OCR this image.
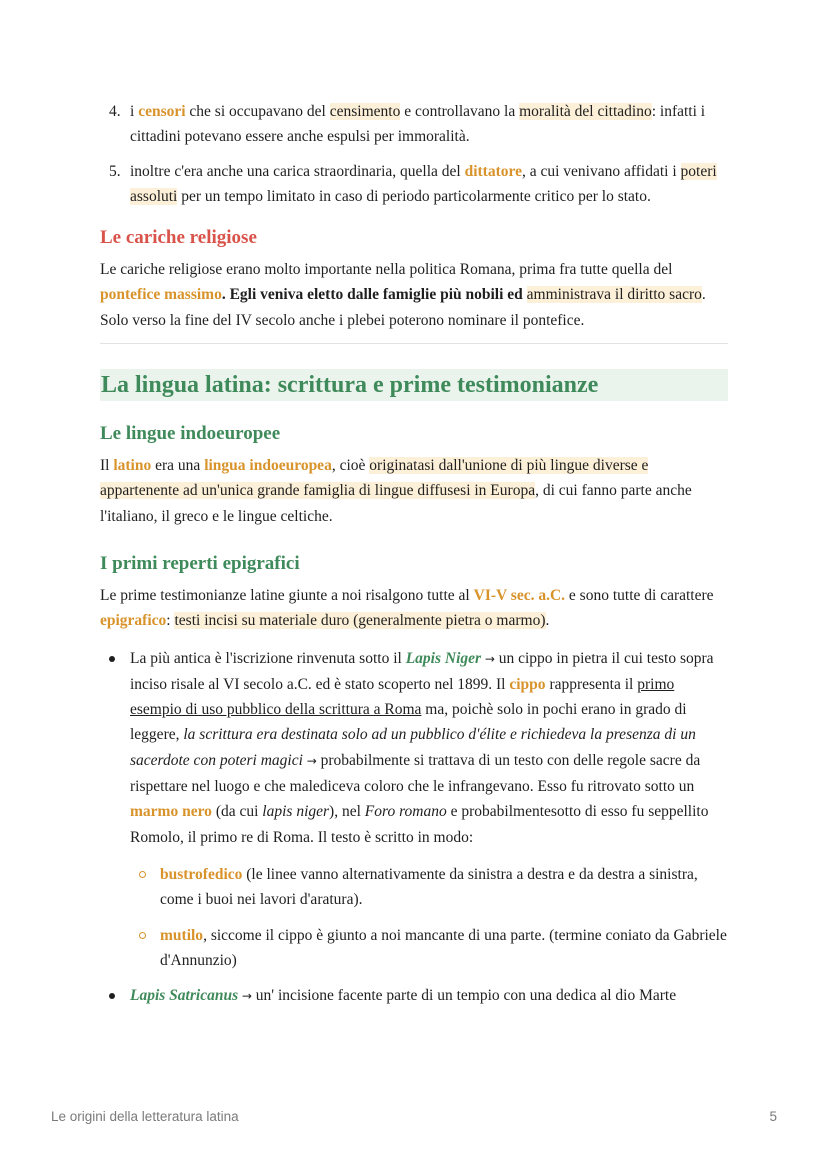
4. i censori che si occupavano del censimento e controllavano la moralità del cittadino: infatti i cittadini potevano essere anche espulsi per immoralità.
5. inoltre c'era anche una carica straordinaria, quella del dittatore, a cui venivano affidati i poteri assoluti per un tempo limitato in caso di periodo particolarmente critico per lo stato.
Le cariche religiose

Le cariche religiose erano molto importante nella politica Romana, prima fra tutte quella del pontefice massimo. Egli veniva eletto dalle famiglie più nobili ed amministrava il diritto sacro. Solo verso la fine del IV secolo anche i plebei poterono nominare il pontefice.

La lingua latina: scrittura e prime testimonianze
Le lingue indoeuropee

Il latino era una lingua indoeuropea, cioè originatasi dall'unione di più lingue diverse e appartenente ad un'unica grande famiglia di lingue diffusesi in Europa, di cui fanno parte anche l'italiano, il greco e le lingue celtiche.

I primi reperti epigrafici

Le prime testimonianze latine giunte a noi risalgono tutte al VI-V sec. a.C. e sono tutte di carattere epigrafico: testi incisi su materiale duro (generalmente pietra o marmo).

La più antica è l'iscrizione rinvenuta sotto il Lapis Niger → un cippo in pietra il cui testo sopra inciso risale al VI secolo a.C. ed è stato scoperto nel 1899. Il cippo rappresenta il primo esempio di uso pubblico della scrittura a Roma ma, poichè solo in pochi erano in grado di leggere, la scrittura era destinata solo ad un pubblico d'élite e richiedeva la presenza di un sacerdote con poteri magici → probabilmente si trattava di un testo con delle regole sacre da rispettare nel luogo e che malediceva coloro che le infrangevano. Esso fu ritrovato sotto un marmo nero (da cui lapis niger), nel Foro romano e probabilmentesotto di esso fu seppellito Romolo, il primo re di Roma. Il testo è scritto in modo:
bustrofedico (le linee vanno alternativamente da sinistra a destra e da destra a sinistra, come i buoi nei lavori d'aratura).
mutilo, siccome il cippo è giunto a noi mancante di una parte. (termine coniato da Gabriele d'Annunzio)
Lapis Satricanus → un' incisione facente parte di un tempio con una dedica al dio Marte
Le origini della letteratura latina	5
